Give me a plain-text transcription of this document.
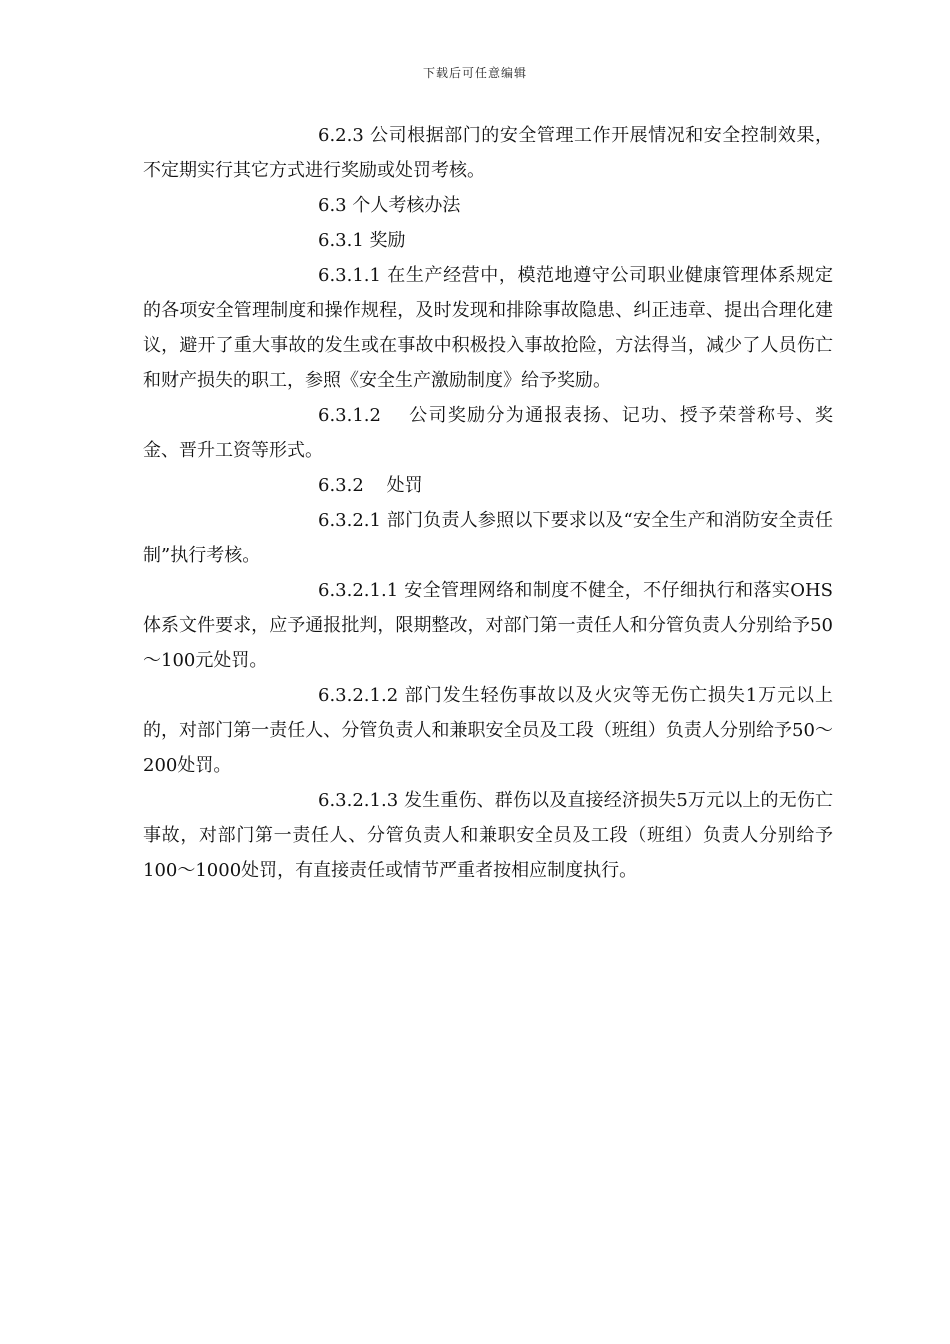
下载后可任意编辑

6.2.3 公司根据部门的安全管理工作开展情况和安全控制效果，不定期实行其它方式进行奖励或处罚考核。

6.3 个人考核办法

6.3.1 奖励

6.3.1.1 在生产经营中，模范地遵守公司职业健康管理体系规定的各项安全管理制度和操作规程，及时发现和排除事故隐患、纠正违章、提出合理化建议，避开了重大事故的发生或在事故中积极投入事故抢险，方法得当，减少了人员伤亡和财产损失的职工，参照《安全生产激励制度》给予奖励。

6.3.1.2    公司奖励分为通报表扬、记功、授予荣誉称号、奖金、晋升工资等形式。

6.3.2    处罚

6.3.2.1 部门负责人参照以下要求以及“安全生产和消防安全责任制”执行考核。

6.3.2.1.1 安全管理网络和制度不健全，不仔细执行和落实OHS体系文件要求，应予通报批判，限期整改，对部门第一责任人和分管负责人分别给予50～100元处罚。

6.3.2.1.2 部门发生轻伤事故以及火灾等无伤亡损失1万元以上的，对部门第一责任人、分管负责人和兼职安全员及工段（班组）负责人分别给予50～200处罚。

6.3.2.1.3 发生重伤、群伤以及直接经济损失5万元以上的无伤亡事故，对部门第一责任人、分管负责人和兼职安全员及工段（班组）负责人分别给予100～1000处罚，有直接责任或情节严重者按相应制度执行。
